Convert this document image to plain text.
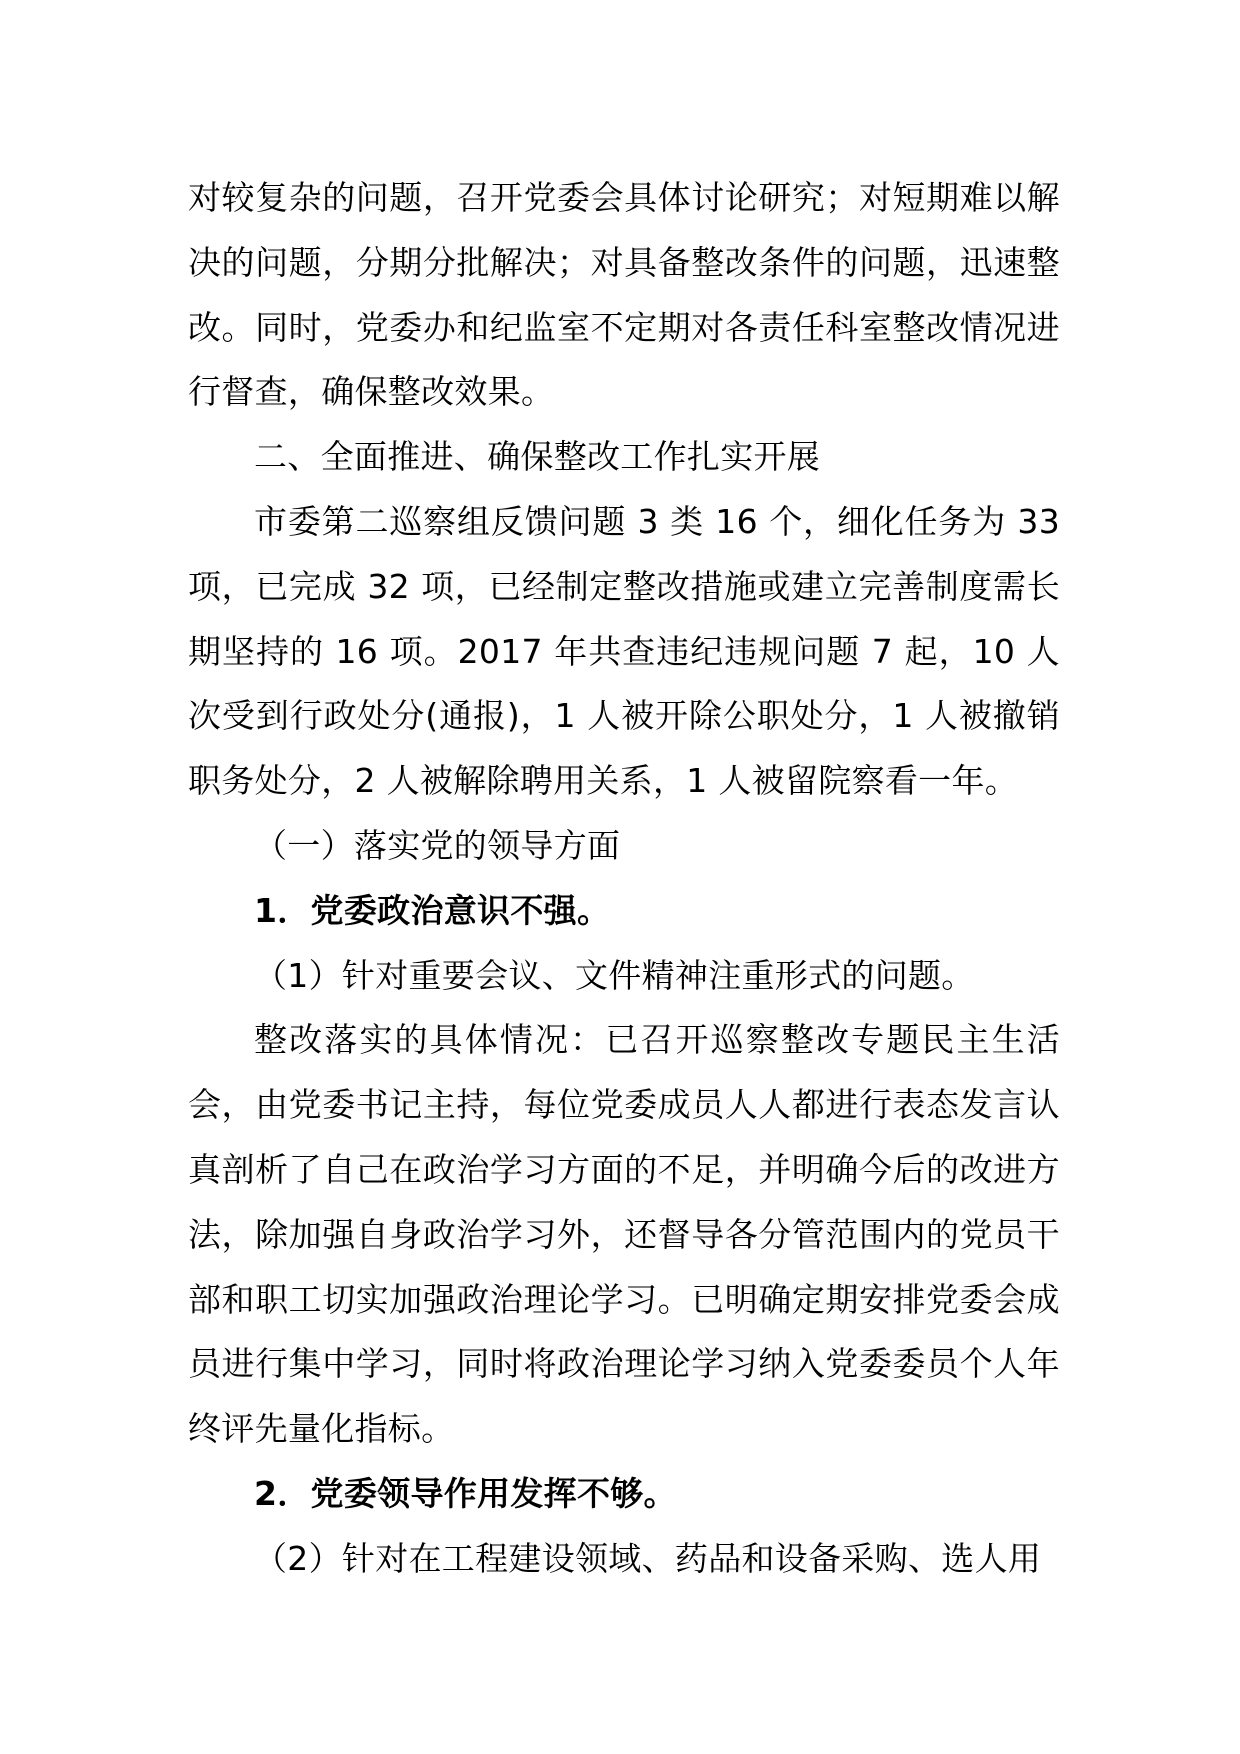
对较复杂的问题，召开党委会具体讨论研究；对短期难以解决的问题，分期分批解决；对具备整改条件的问题，迅速整改。同时，党委办和纪监室不定期对各责任科室整改情况进行督查，确保整改效果。

二、全面推进、确保整改工作扎实开展

市委第二巡察组反馈问题 3 类 16 个，细化任务为 33 项，已完成 32 项，已经制定整改措施或建立完善制度需长期坚持的 16 项。2017 年共查违纪违规问题 7 起，10 人次受到行政处分(通报)，1 人被开除公职处分，1 人被撤销职务处分，2 人被解除聘用关系，1 人被留院察看一年。

（一）落实党的领导方面

1．党委政治意识不强。

（1）针对重要会议、文件精神注重形式的问题。

整改落实的具体情况：已召开巡察整改专题民主生活会，由党委书记主持，每位党委成员人人都进行表态发言认真剖析了自己在政治学习方面的不足，并明确今后的改进方法，除加强自身政治学习外，还督导各分管范围内的党员干部和职工切实加强政治理论学习。已明确定期安排党委会成员进行集中学习，同时将政治理论学习纳入党委委员个人年终评先量化指标。

2．党委领导作用发挥不够。

（2）针对在工程建设领域、药品和设备采购、选人用
